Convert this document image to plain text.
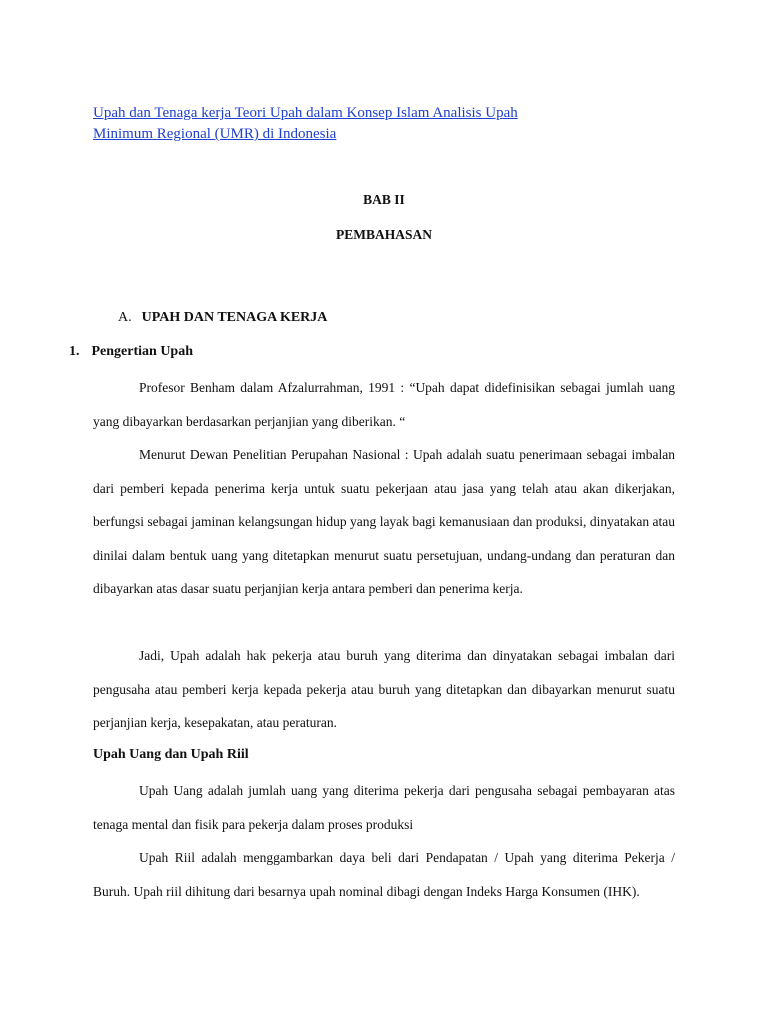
Upah dan Tenaga kerja Teori Upah dalam Konsep Islam Analisis Upah
Minimum Regional (UMR) di Indonesia
BAB II
PEMBAHASAN
A. UPAH DAN TENAGA KERJA
1. Pengertian Upah

Profesor Benham dalam Afzalurrahman, 1991 : “Upah dapat didefinisikan sebagai jumlah uang yang dibayarkan berdasarkan perjanjian yang diberikan. “

Menurut Dewan Penelitian Perupahan Nasional : Upah adalah suatu penerimaan sebagai imbalan dari pemberi kepada penerima kerja untuk suatu pekerjaan atau jasa yang telah atau akan dikerjakan, berfungsi sebagai jaminan kelangsungan hidup yang layak bagi kemanusiaan dan produksi, dinyatakan atau dinilai dalam bentuk uang yang ditetapkan menurut suatu persetujuan, undang-undang dan peraturan dan dibayarkan atas dasar suatu perjanjian kerja antara pemberi dan penerima kerja.

Jadi, Upah adalah hak pekerja atau buruh yang diterima dan dinyatakan sebagai imbalan dari pengusaha atau pemberi kerja kepada pekerja atau buruh yang ditetapkan dan dibayarkan menurut suatu perjanjian kerja, kesepakatan, atau peraturan.

Upah Uang dan Upah Riil

Upah Uang adalah jumlah uang yang diterima pekerja dari pengusaha sebagai pembayaran atas tenaga mental dan fisik para pekerja dalam proses produksi

Upah Riil adalah menggambarkan daya beli dari Pendapatan / Upah yang diterima Pekerja / Buruh. Upah riil dihitung dari besarnya upah nominal dibagi dengan Indeks Harga Konsumen (IHK).
